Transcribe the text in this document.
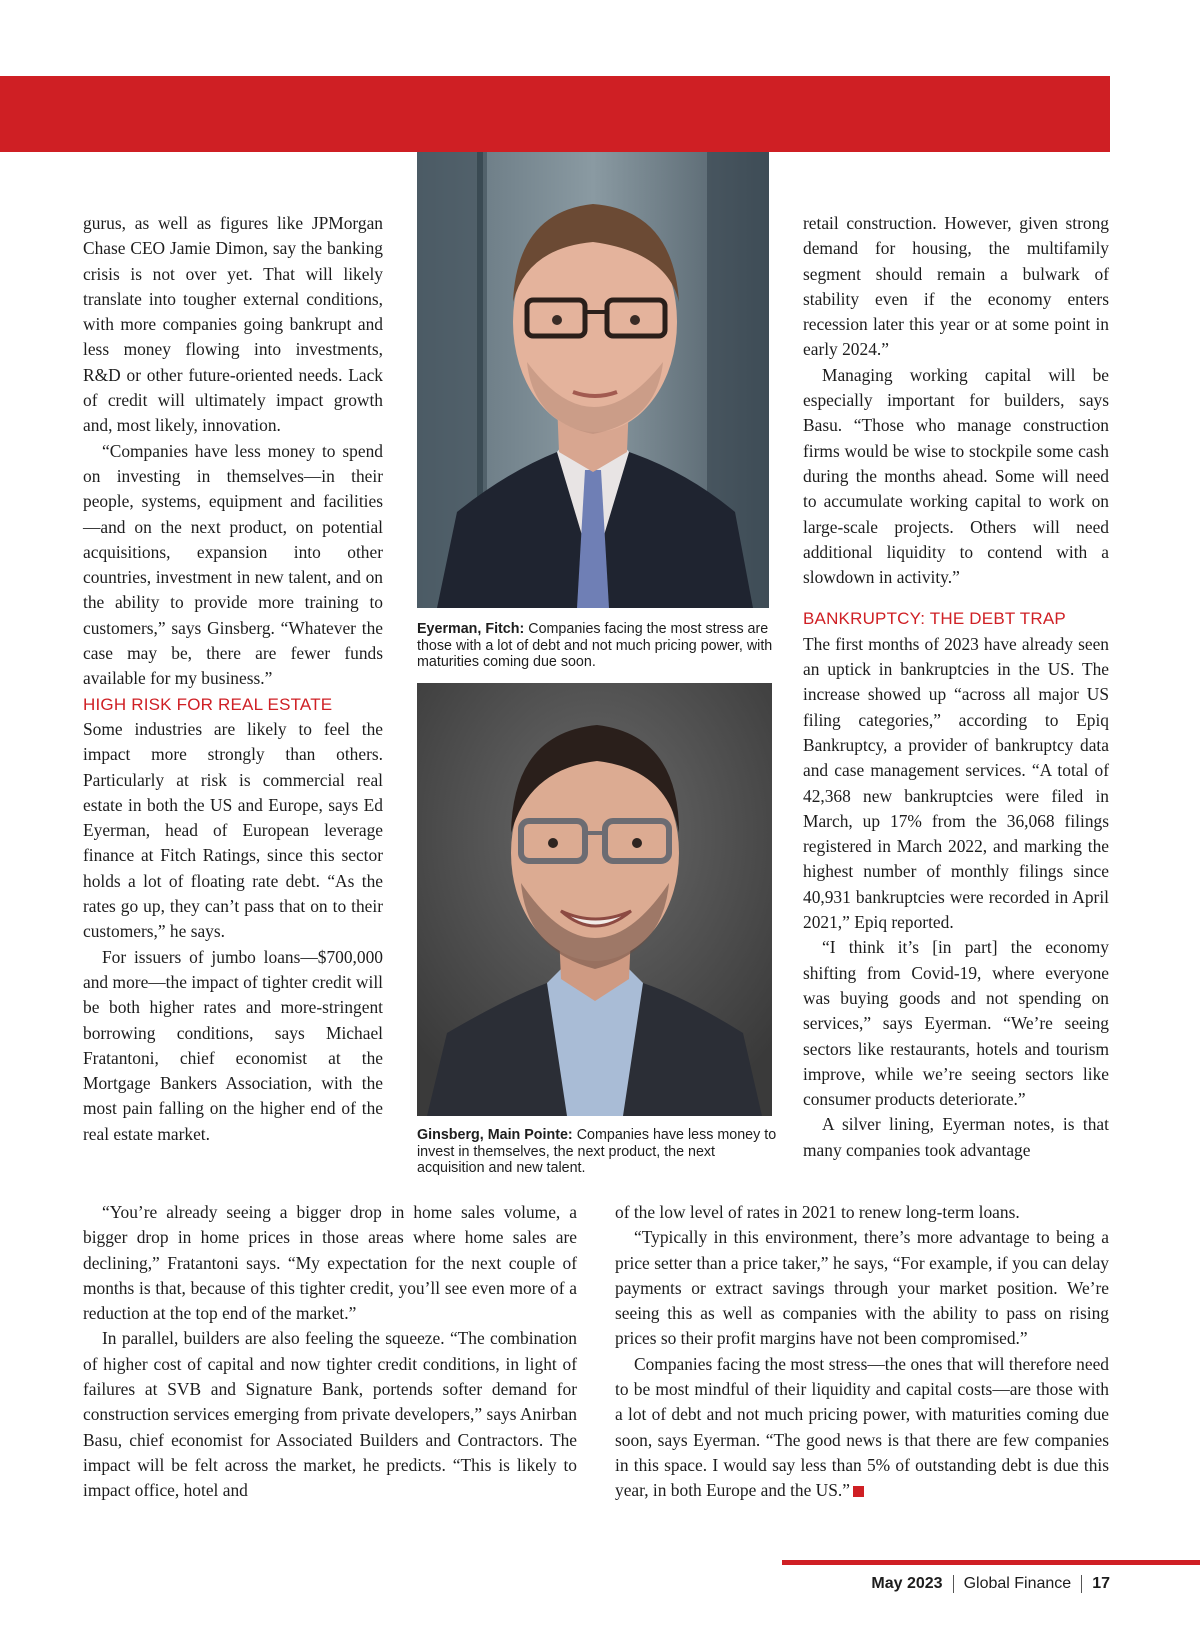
gurus, as well as figures like JPMorgan Chase CEO Jamie Dimon, say the banking crisis is not over yet. That will likely translate into tougher external conditions, with more companies going bankrupt and less money flowing into investments, R&D or other future-oriented needs. Lack of credit will ultimately impact growth and, most likely, innovation.

“Companies have less money to spend on investing in themselves—in their people, systems, equipment and facilities—and on the next product, on potential acquisitions, expansion into other countries, investment in new talent, and on the ability to provide more training to customers,” says Ginsberg. “Whatever the case may be, there are fewer funds available for my business.”

HIGH RISK FOR REAL ESTATE

Some industries are likely to feel the impact more strongly than others. Particularly at risk is commercial real estate in both the US and Europe, says Ed Eyerman, head of European leverage finance at Fitch Ratings, since this sector holds a lot of floating rate debt. “As the rates go up, they can’t pass that on to their customers,” he says.

For issuers of jumbo loans—$700,000 and more—the impact of tighter credit will be both higher rates and more-stringent borrowing conditions, says Michael Fratantoni, chief economist at the Mortgage Bankers Association, with the most pain falling on the higher end of the real estate market.

Eyerman, Fitch: Companies facing the most stress are those with a lot of debt and not much pricing power, with maturities coming due soon.
Ginsberg, Main Pointe: Companies have less money to invest in themselves, the next product, the next acquisition and new talent.

retail construction. However, given strong demand for housing, the multifamily segment should remain a bulwark of stability even if the economy enters recession later this year or at some point in early 2024.”

Managing working capital will be especially important for builders, says Basu. “Those who manage construction firms would be wise to stockpile some cash during the months ahead. Some will need to accumulate working capital to work on large-scale projects. Others will need additional liquidity to contend with a slowdown in activity.”

BANKRUPTCY: THE DEBT TRAP

The first months of 2023 have already seen an uptick in bankruptcies in the US. The increase showed up “across all major US filing categories,” according to Epiq Bankruptcy, a provider of bankruptcy data and case management services. “A total of 42,368 new bankruptcies were filed in March, up 17% from the 36,068 filings registered in March 2022, and marking the highest number of monthly filings since 40,931 bankruptcies were recorded in April 2021,” Epiq reported.

“I think it’s [in part] the economy shifting from Covid-19, where everyone was buying goods and not spending on services,” says Eyerman. “We’re seeing sectors like restaurants, hotels and tourism improve, while we’re seeing sectors like consumer products deteriorate.”

A silver lining, Eyerman notes, is that many companies took advantage

“You’re already seeing a bigger drop in home sales volume, a bigger drop in home prices in those areas where home sales are declining,” Fratantoni says. “My expectation for the next couple of months is that, because of this tighter credit, you’ll see even more of a reduction at the top end of the market.”

In parallel, builders are also feeling the squeeze. “The combination of higher cost of capital and now tighter credit conditions, in light of failures at SVB and Signature Bank, portends softer demand for construction services emerging from private developers,” says Anirban Basu, chief economist for Associated Builders and Contractors. The impact will be felt across the market, he predicts. “This is likely to impact office, hotel and

of the low level of rates in 2021 to renew long-term loans.

“Typically in this environment, there’s more advantage to being a price setter than a price taker,” he says, “For example, if you can delay payments or extract savings through your market position. We’re seeing this as well as companies with the ability to pass on rising prices so their profit margins have not been compromised.”

Companies facing the most stress—the ones that will therefore need to be most mindful of their liquidity and capital costs—are those with a lot of debt and not much pricing power, with maturities coming due soon, says Eyerman. “The good news is that there are few companies in this space. I would say less than 5% of outstanding debt is due this year, in both Europe and the US.”

May 2023 Global Finance 17
